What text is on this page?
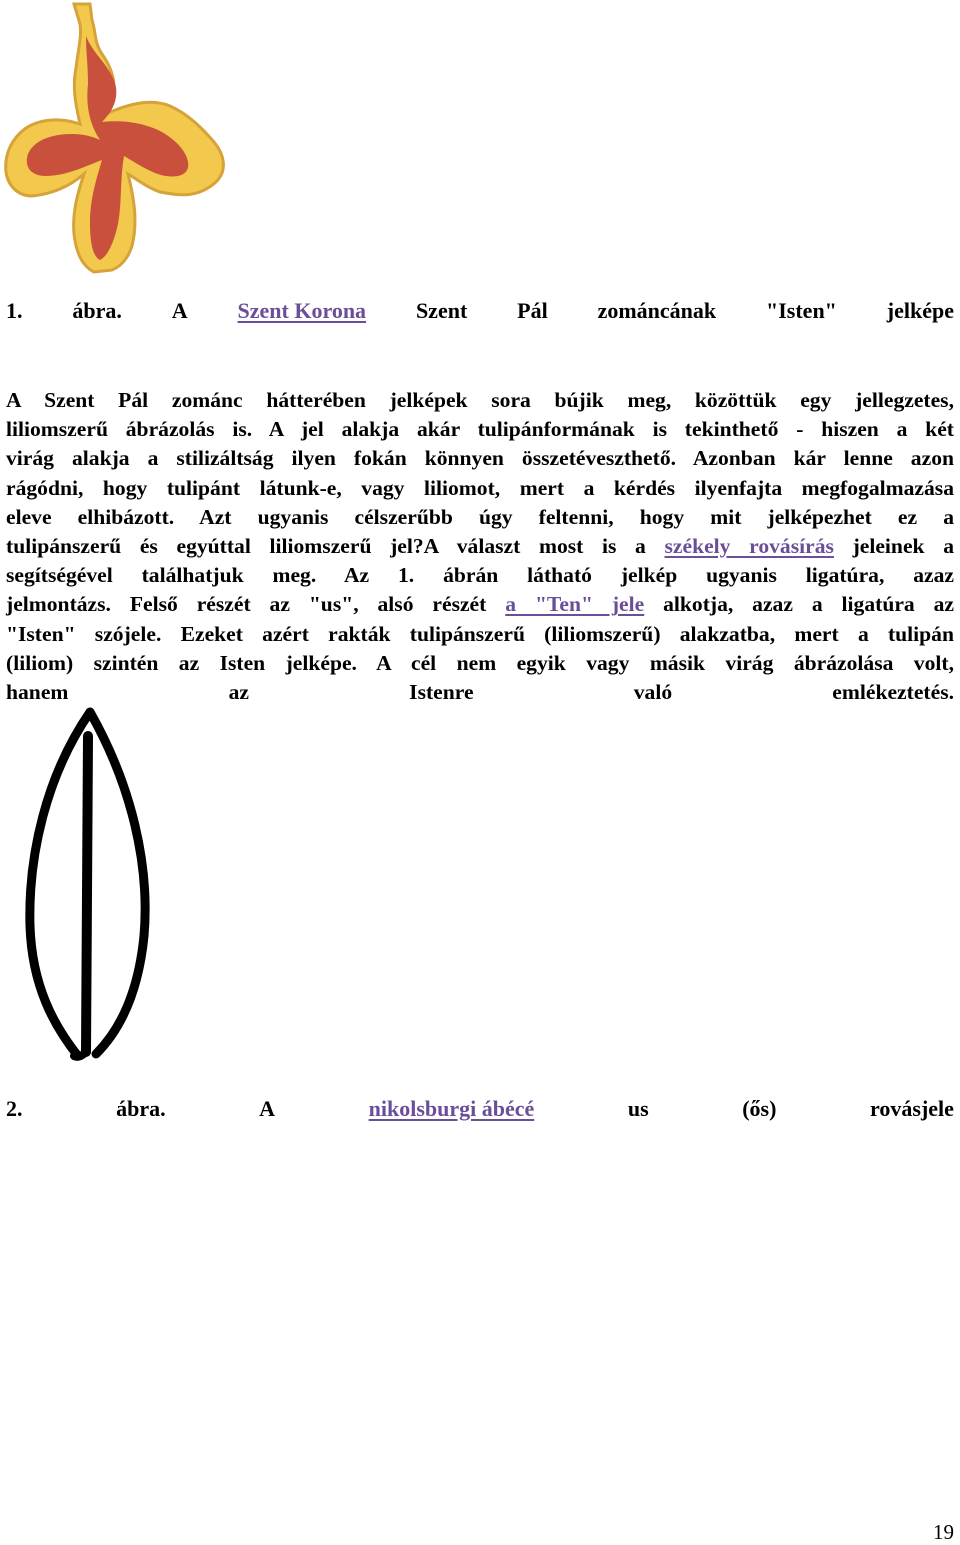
1. ábra. A Szent Korona Szent Pál zománcának "Isten" jelképe
A Szent Pál zománc hátterében jelképek sora bújik meg, közöttük egy jellegzetes,
liliomszerű ábrázolás is. A jel alakja akár tulipánformának is tekinthető - hiszen a két
virág alakja a stilizáltság ilyen fokán könnyen összetéveszthető. Azonban kár lenne azon
rágódni, hogy tulipánt látunk-e, vagy liliomot, mert a kérdés ilyenfajta megfogalmazása
eleve elhibázott. Azt ugyanis célszerűbb úgy feltenni, hogy mit jelképezhet ez a
tulipánszerű és egyúttal liliomszerű jel?A választ most is a székely rovásírás jeleinek a
segítségével találhatjuk meg. Az 1. ábrán látható jelkép ugyanis ligatúra, azaz
jelmontázs. Felső részét az "us", alsó részét a "Ten" jele alkotja, azaz a ligatúra az
"Isten" szójele. Ezeket azért rakták tulipánszerű (liliomszerű) alakzatba, mert a tulipán
(liliom) szintén az Isten jelképe. A cél nem egyik vagy másik virág ábrázolása volt,
hanem az Istenre való emlékeztetés.
2.	ábra.	A	nikolsburgi ábécé	us	(ős)	rovásjele
19
